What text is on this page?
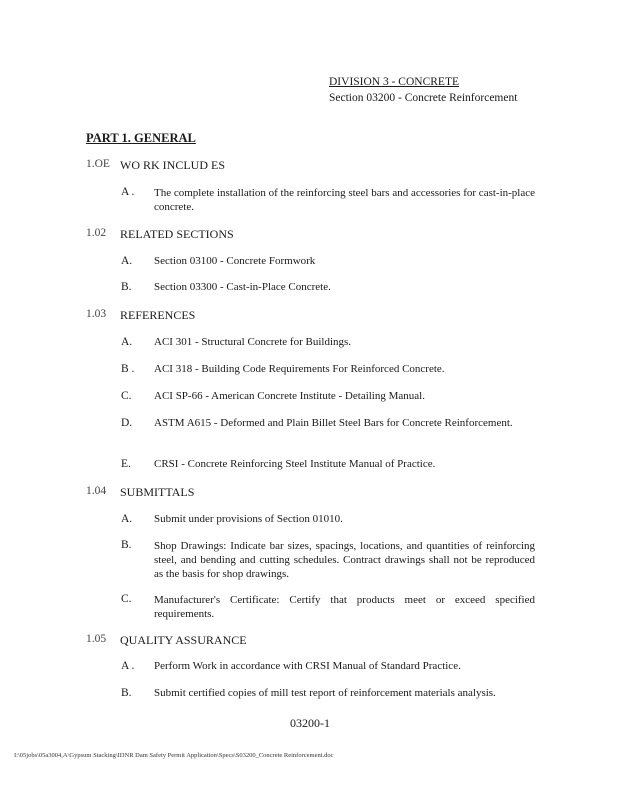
DIVISION 3 - CONCRETE
Section 03200 - Concrete Reinforcement
PART 1. GENERAL
1.OE WO RK INCLUD ES
A . The complete installation of the reinforcing steel bars and accessories for cast-in-place concrete.
1.02 RELATED SECTIONS
A. Section 03100 - Concrete Formwork
B. Section 03300 - Cast-in-Place Concrete.
1.03 REFERENCES
A. ACI 301 - Structural Concrete for Buildings.
B . ACI 318 - Building Code Requirements For Reinforced Concrete.
C. ACI SP-66 - American Concrete Institute - Detailing Manual.
D. ASTM A615 - Deformed and Plain Billet Steel Bars for Concrete Reinforcement.
E. CRSI - Concrete Reinforcing Steel Institute Manual of Practice.
1.04 SUBMITTALS
A. Submit under provisions of Section 01010.
B. Shop Drawings: Indicate bar sizes, spacings, locations, and quantities of reinforcing steel, and bending and cutting schedules. Contract drawings shall not be reproduced as the basis for shop drawings.
C. Manufacturer's Certificate: Certify that products meet or exceed specified requirements.
1.05 QUALITY ASSURANCE
A . Perform Work in accordance with CRSI Manual of Standard Practice.
B. Submit certified copies of mill test report of reinforcement materials analysis.
03200-1
I:\05jobs\05a3004,A\Gypsum Stacking\IDNR Dam Safety Permit Application\Specs\S03200_Concrete Reinforcement.doc
